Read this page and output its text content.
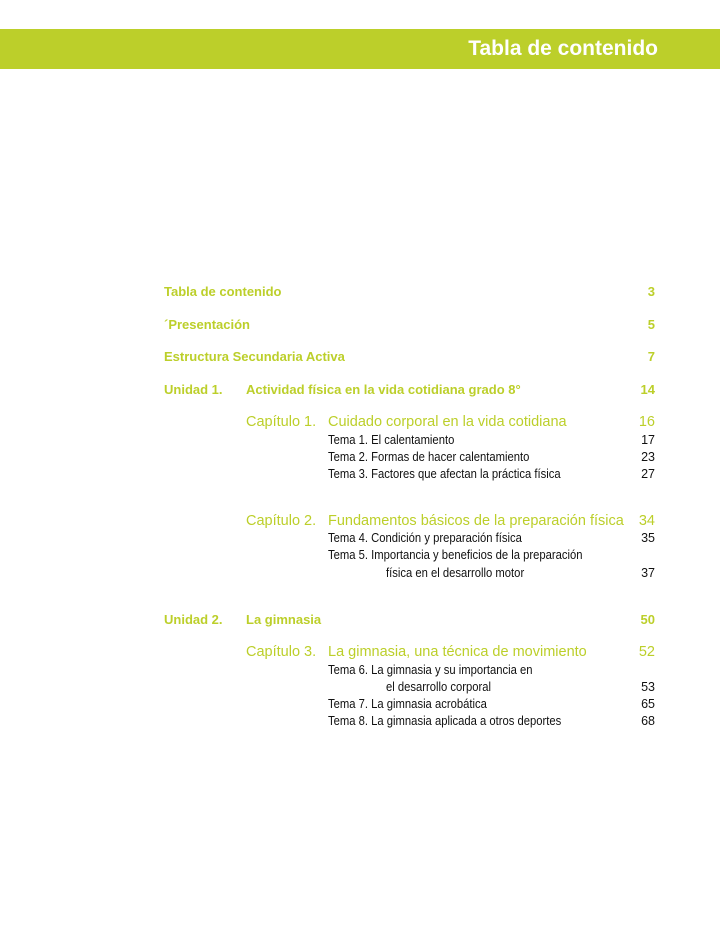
Tabla de contenido
Tabla de contenido	3
´Presentación	5
Estructura Secundaria Activa	7
Unidad 1. Actividad física en la vida cotidiana grado 8°	14
Capítulo 1. Cuidado corporal en la vida cotidiana	16
Tema 1. El calentamiento	17
Tema 2. Formas de hacer calentamiento	23
Tema 3. Factores que afectan la práctica física	27
Capítulo 2. Fundamentos básicos de la preparación física 34
Tema 4. Condición y preparación física	35
Tema 5. Importancia y beneficios de la preparación
física en el desarrollo motor	37
Unidad 2. La gimnasia	50
Capítulo 3. La gimnasia, una técnica de movimiento	52
Tema 6. La gimnasia y su importancia en
el desarrollo corporal	53
Tema 7. La gimnasia acrobática	65
Tema 8. La gimnasia aplicada a otros deportes	68
